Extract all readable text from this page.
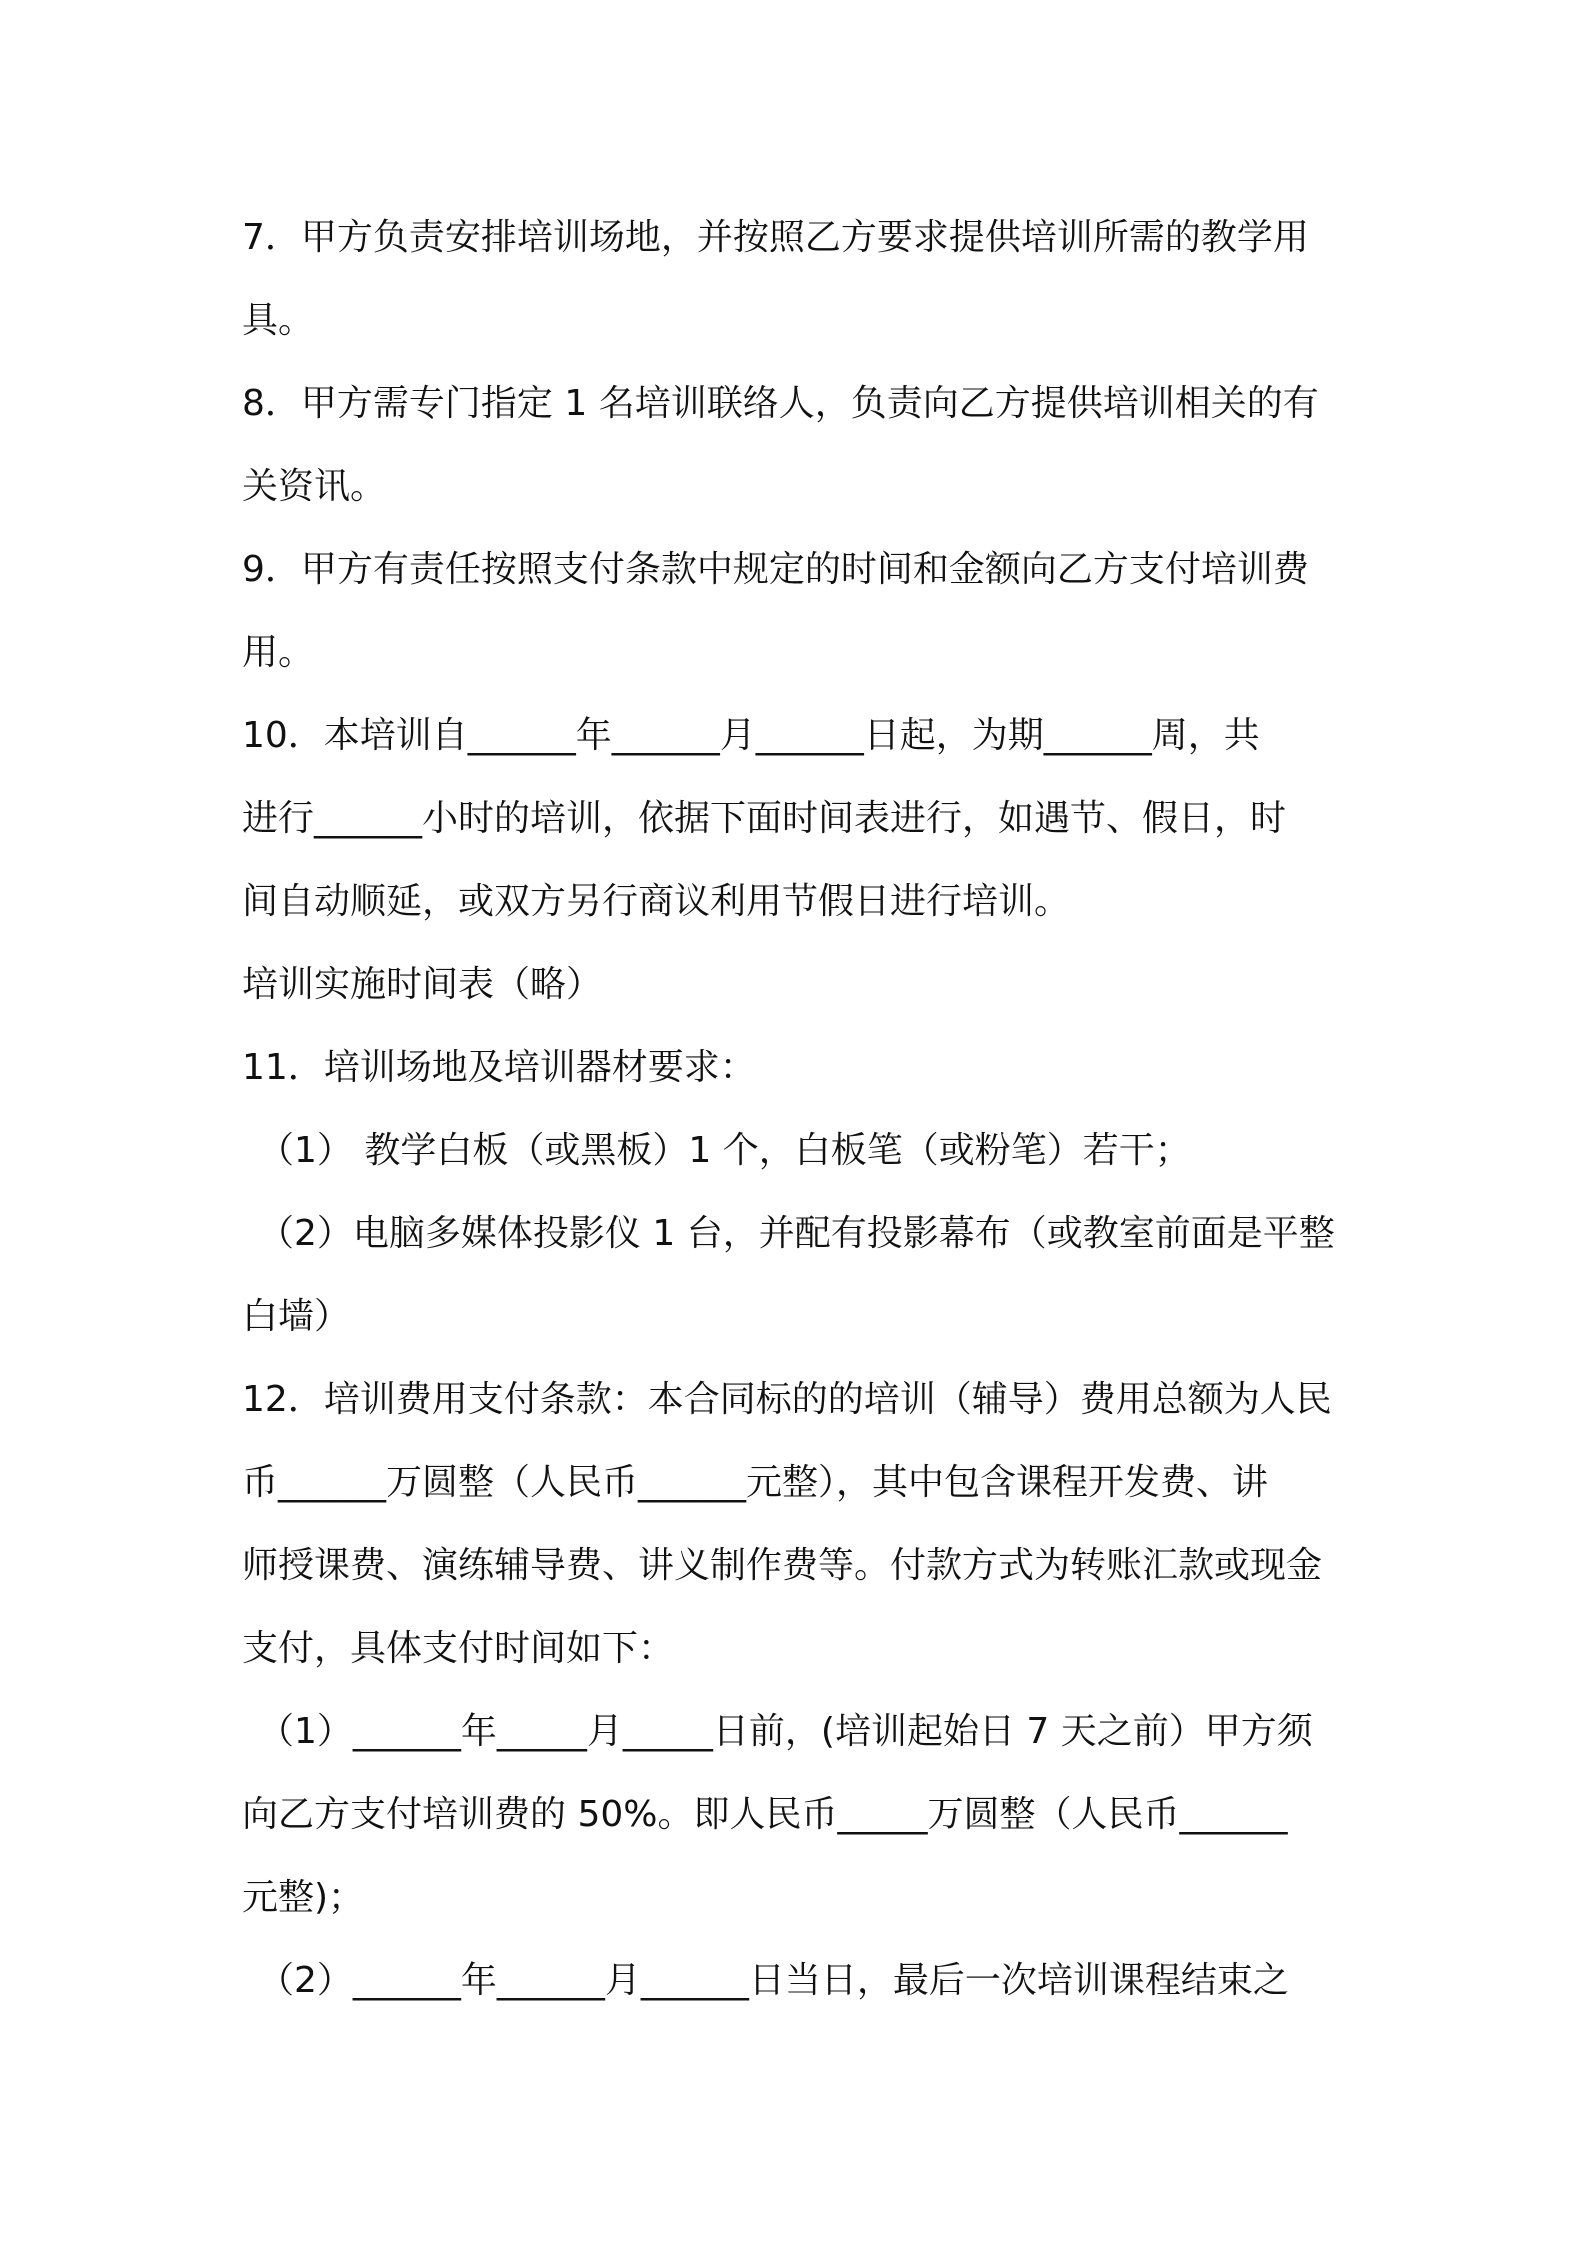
7．甲方负责安排培训场地，并按照乙方要求提供培训所需的教学用

具。

8．甲方需专门指定 1 名培训联络人，负责向乙方提供培训相关的有

关资讯。

9．甲方有责任按照支付条款中规定的时间和金额向乙方支付培训费

用。

10．本培训自______年______月______日起，为期______周，共

进行______小时的培训，依据下面时间表进行，如遇节、假日，时

间自动顺延，或双方另行商议利用节假日进行培训。

培训实施时间表（略）

11．培训场地及培训器材要求：

（1） 教学白板（或黑板）1 个，白板笔（或粉笔）若干；

（2）电脑多媒体投影仪 1 台，并配有投影幕布（或教室前面是平整

白墙）

12．培训费用支付条款：本合同标的的培训（辅导）费用总额为人民

币______万圆整（人民币______元整），其中包含课程开发费、讲

师授课费、演练辅导费、讲义制作费等。付款方式为转账汇款或现金

支付，具体支付时间如下：

（1）______年_____月_____日前，(培训起始日 7 天之前）甲方须

向乙方支付培训费的 50%。即人民币_____万圆整（人民币______

元整)；

（2）______年______月______日当日，最后一次培训课程结束之
